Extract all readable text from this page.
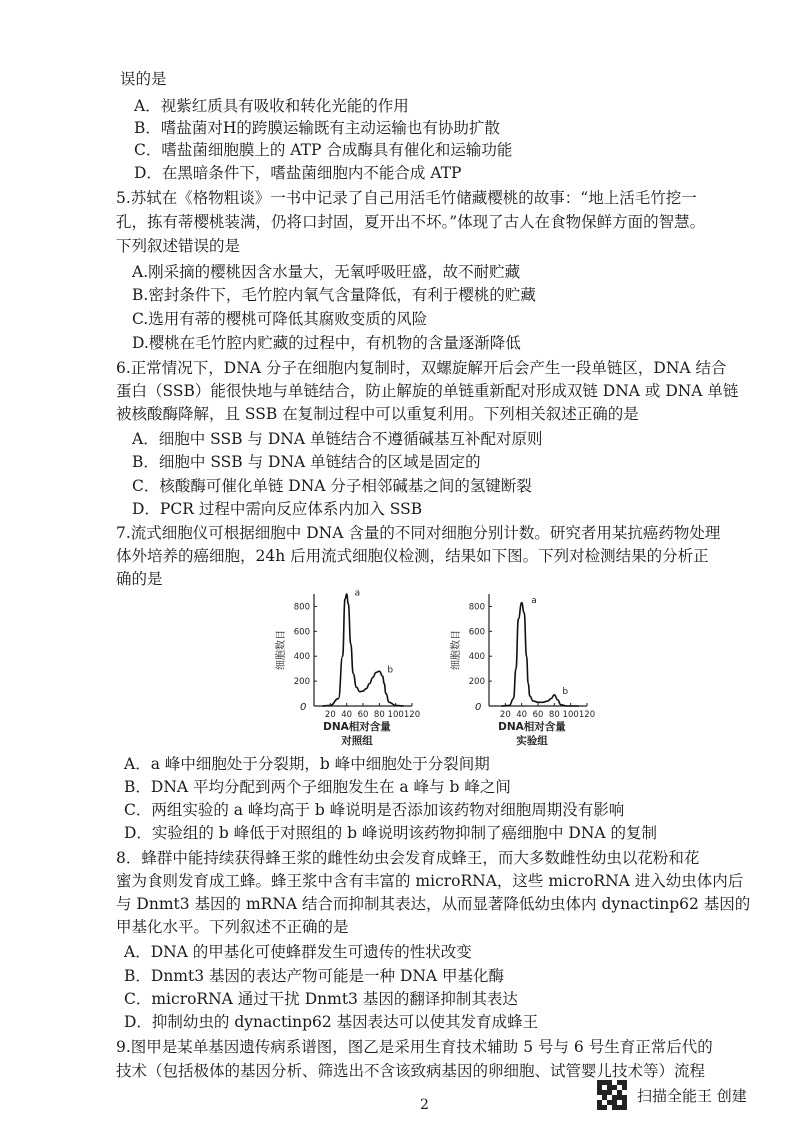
误的是
A．视紫红质具有吸收和转化光能的作用
B．嗜盐菌对H的跨膜运输既有主动运输也有协助扩散
C．嗜盐菌细胞膜上的 ATP 合成酶具有催化和运输功能
D．在黑暗条件下，嗜盐菌细胞内不能合成 ATP
5.苏轼在《格物粗谈》一书中记录了自己用活毛竹储藏樱桃的故事：“地上活毛竹挖一
孔，拣有蒂樱桃装满，仍将口封固，夏开出不坏。”体现了古人在食物保鲜方面的智慧。
下列叙述错误的是
A.刚采摘的樱桃因含水量大，无氧呼吸旺盛，故不耐贮藏
B.密封条件下，毛竹腔内氧气含量降低，有利于樱桃的贮藏
C.选用有蒂的樱桃可降低其腐败变质的风险
D.樱桃在毛竹腔内贮藏的过程中，有机物的含量逐渐降低
6.正常情况下，DNA 分子在细胞内复制时，双螺旋解开后会产生一段单链区，DNA 结合
蛋白（SSB）能很快地与单链结合，防止解旋的单链重新配对形成双链 DNA 或 DNA 单链
被核酸酶降解，且 SSB 在复制过程中可以重复利用。下列相关叙述正确的是
A．细胞中 SSB 与 DNA 单链结合不遵循碱基互补配对原则
B．细胞中 SSB 与 DNA 单链结合的区域是固定的
C．核酸酶可催化单链 DNA 分子相邻碱基之间的氢键断裂
D．PCR 过程中需向反应体系内加入 SSB
7.流式细胞仪可根据细胞中 DNA 含量的不同对细胞分别计数。研究者用某抗癌药物处理
体外培养的癌细胞，24h 后用流式细胞仪检测，结果如下图。下列对检测结果的分析正
确的是
200
400
600
800
20 40 60 80 100 120
0
细胞数目
DNA相对含量
对照组
a
b
200
400
600
800
20 40 60 80 100 120
0
细胞数目
DNA相对含量
实验组
a
b
A．a 峰中细胞处于分裂期，b 峰中细胞处于分裂间期
B．DNA 平均分配到两个子细胞发生在 a 峰与 b 峰之间
C．两组实验的 a 峰均高于 b 峰说明是否添加该药物对细胞周期没有影响
D．实验组的 b 峰低于对照组的 b 峰说明该药物抑制了癌细胞中 DNA 的复制
8．蜂群中能持续获得蜂王浆的雌性幼虫会发育成蜂王，而大多数雌性幼虫以花粉和花
蜜为食则发育成工蜂。蜂王浆中含有丰富的 microRNA，这些 microRNA 进入幼虫体内后
与 Dnmt3 基因的 mRNA 结合而抑制其表达，从而显著降低幼虫体内 dynactinp62 基因的
甲基化水平。下列叙述不正确的是
A．DNA 的甲基化可使蜂群发生可遗传的性状改变
B．Dnmt3 基因的表达产物可能是一种 DNA 甲基化酶
C．microRNA 通过干扰 Dnmt3 基因的翻译抑制其表达
D．抑制幼虫的 dynactinp62 基因表达可以使其发育成蜂王
9.图甲是某单基因遗传病系谱图，图乙是采用生育技术辅助 5 号与 6 号生育正常后代的
技术（包括极体的基因分析、筛选出不含该致病基因的卵细胞、试管婴儿技术等）流程
2
扫描全能王 创建
